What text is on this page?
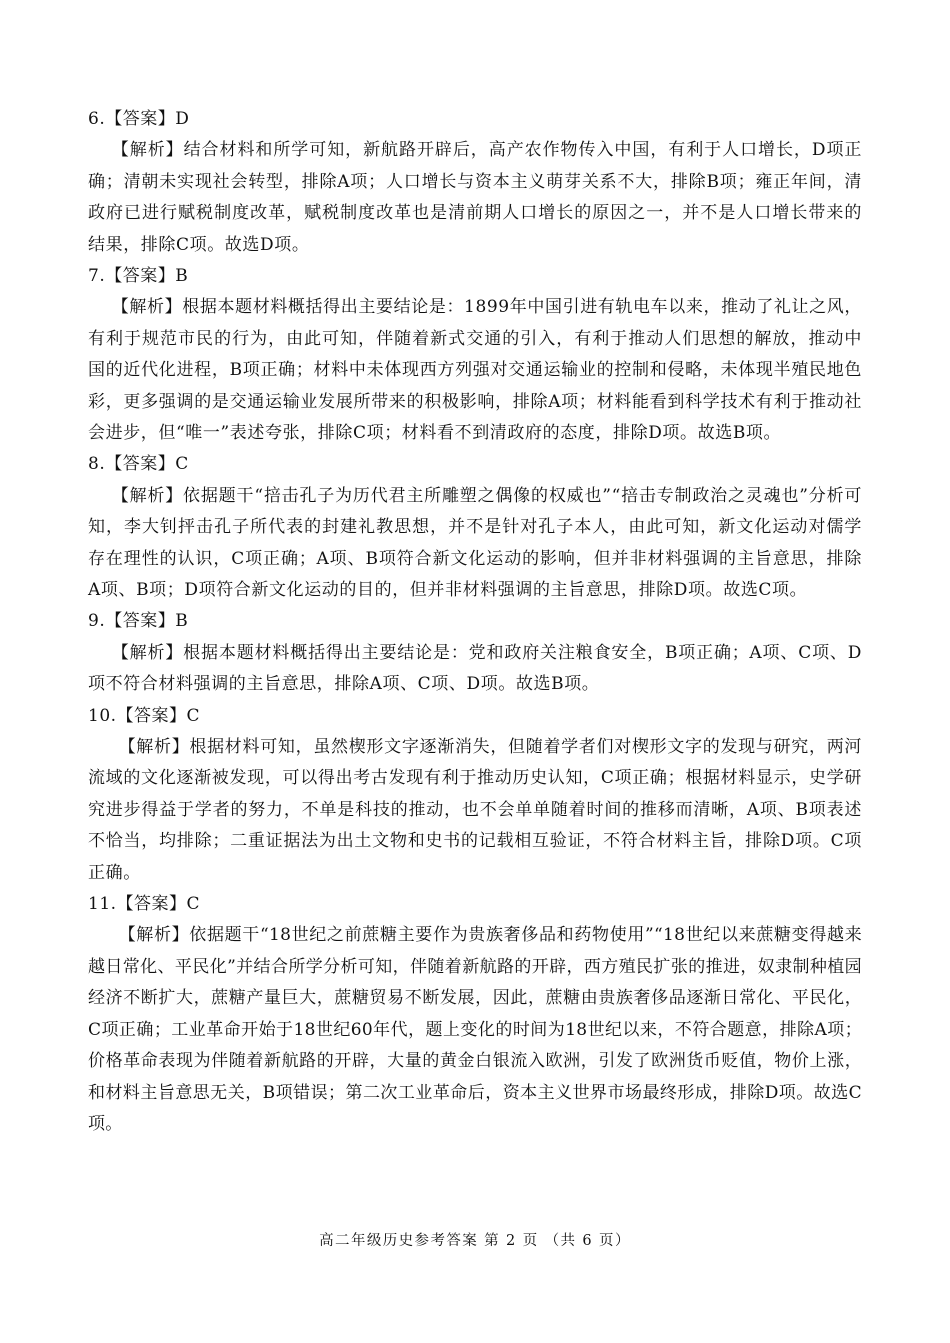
6.【答案】D

【解析】结合材料和所学可知，新航路开辟后，高产农作物传入中国，有利于人口增长，D项正确；清朝未实现社会转型，排除A项；人口增长与资本主义萌芽关系不大，排除B项；雍正年间，清政府已进行赋税制度改革，赋税制度改革也是清前期人口增长的原因之一，并不是人口增长带来的结果，排除C项。故选D项。

7.【答案】B

【解析】根据本题材料概括得出主要结论是：1899年中国引进有轨电车以来，推动了礼让之风，有利于规范市民的行为，由此可知，伴随着新式交通的引入，有利于推动人们思想的解放，推动中国的近代化进程，B项正确；材料中未体现西方列强对交通运输业的控制和侵略，未体现半殖民地色彩，更多强调的是交通运输业发展所带来的积极影响，排除A项；材料能看到科学技术有利于推动社会进步，但“唯一”表述夸张，排除C项；材料看不到清政府的态度，排除D项。故选B项。

8.【答案】C

【解析】依据题干“掊击孔子为历代君主所雕塑之偶像的权威也”“掊击专制政治之灵魂也”分析可知，李大钊抨击孔子所代表的封建礼教思想，并不是针对孔子本人，由此可知，新文化运动对儒学存在理性的认识，C项正确；A项、B项符合新文化运动的影响，但并非材料强调的主旨意思，排除A项、B项；D项符合新文化运动的目的，但并非材料强调的主旨意思，排除D项。故选C项。

9.【答案】B

【解析】根据本题材料概括得出主要结论是：党和政府关注粮食安全，B项正确；A项、C项、D项不符合材料强调的主旨意思，排除A项、C项、D项。故选B项。

10.【答案】C

【解析】根据材料可知，虽然楔形文字逐渐消失，但随着学者们对楔形文字的发现与研究，两河流域的文化逐渐被发现，可以得出考古发现有利于推动历史认知，C项正确；根据材料显示，史学研究进步得益于学者的努力，不单是科技的推动，也不会单单随着时间的推移而清晰，A项、B项表述不恰当，均排除；二重证据法为出土文物和史书的记载相互验证，不符合材料主旨，排除D项。C项正确。

11.【答案】C

【解析】依据题干“18世纪之前蔗糖主要作为贵族奢侈品和药物使用”“18世纪以来蔗糖变得越来越日常化、平民化”并结合所学分析可知，伴随着新航路的开辟，西方殖民扩张的推进，奴隶制种植园经济不断扩大，蔗糖产量巨大，蔗糖贸易不断发展，因此，蔗糖由贵族奢侈品逐渐日常化、平民化，C项正确；工业革命开始于18世纪60年代，题上变化的时间为18世纪以来，不符合题意，排除A项；价格革命表现为伴随着新航路的开辟，大量的黄金白银流入欧洲，引发了欧洲货币贬值，物价上涨，和材料主旨意思无关，B项错误；第二次工业革命后，资本主义世界市场最终形成，排除D项。故选C项。

高二年级历史参考答案 第 2 页 （共 6 页）
